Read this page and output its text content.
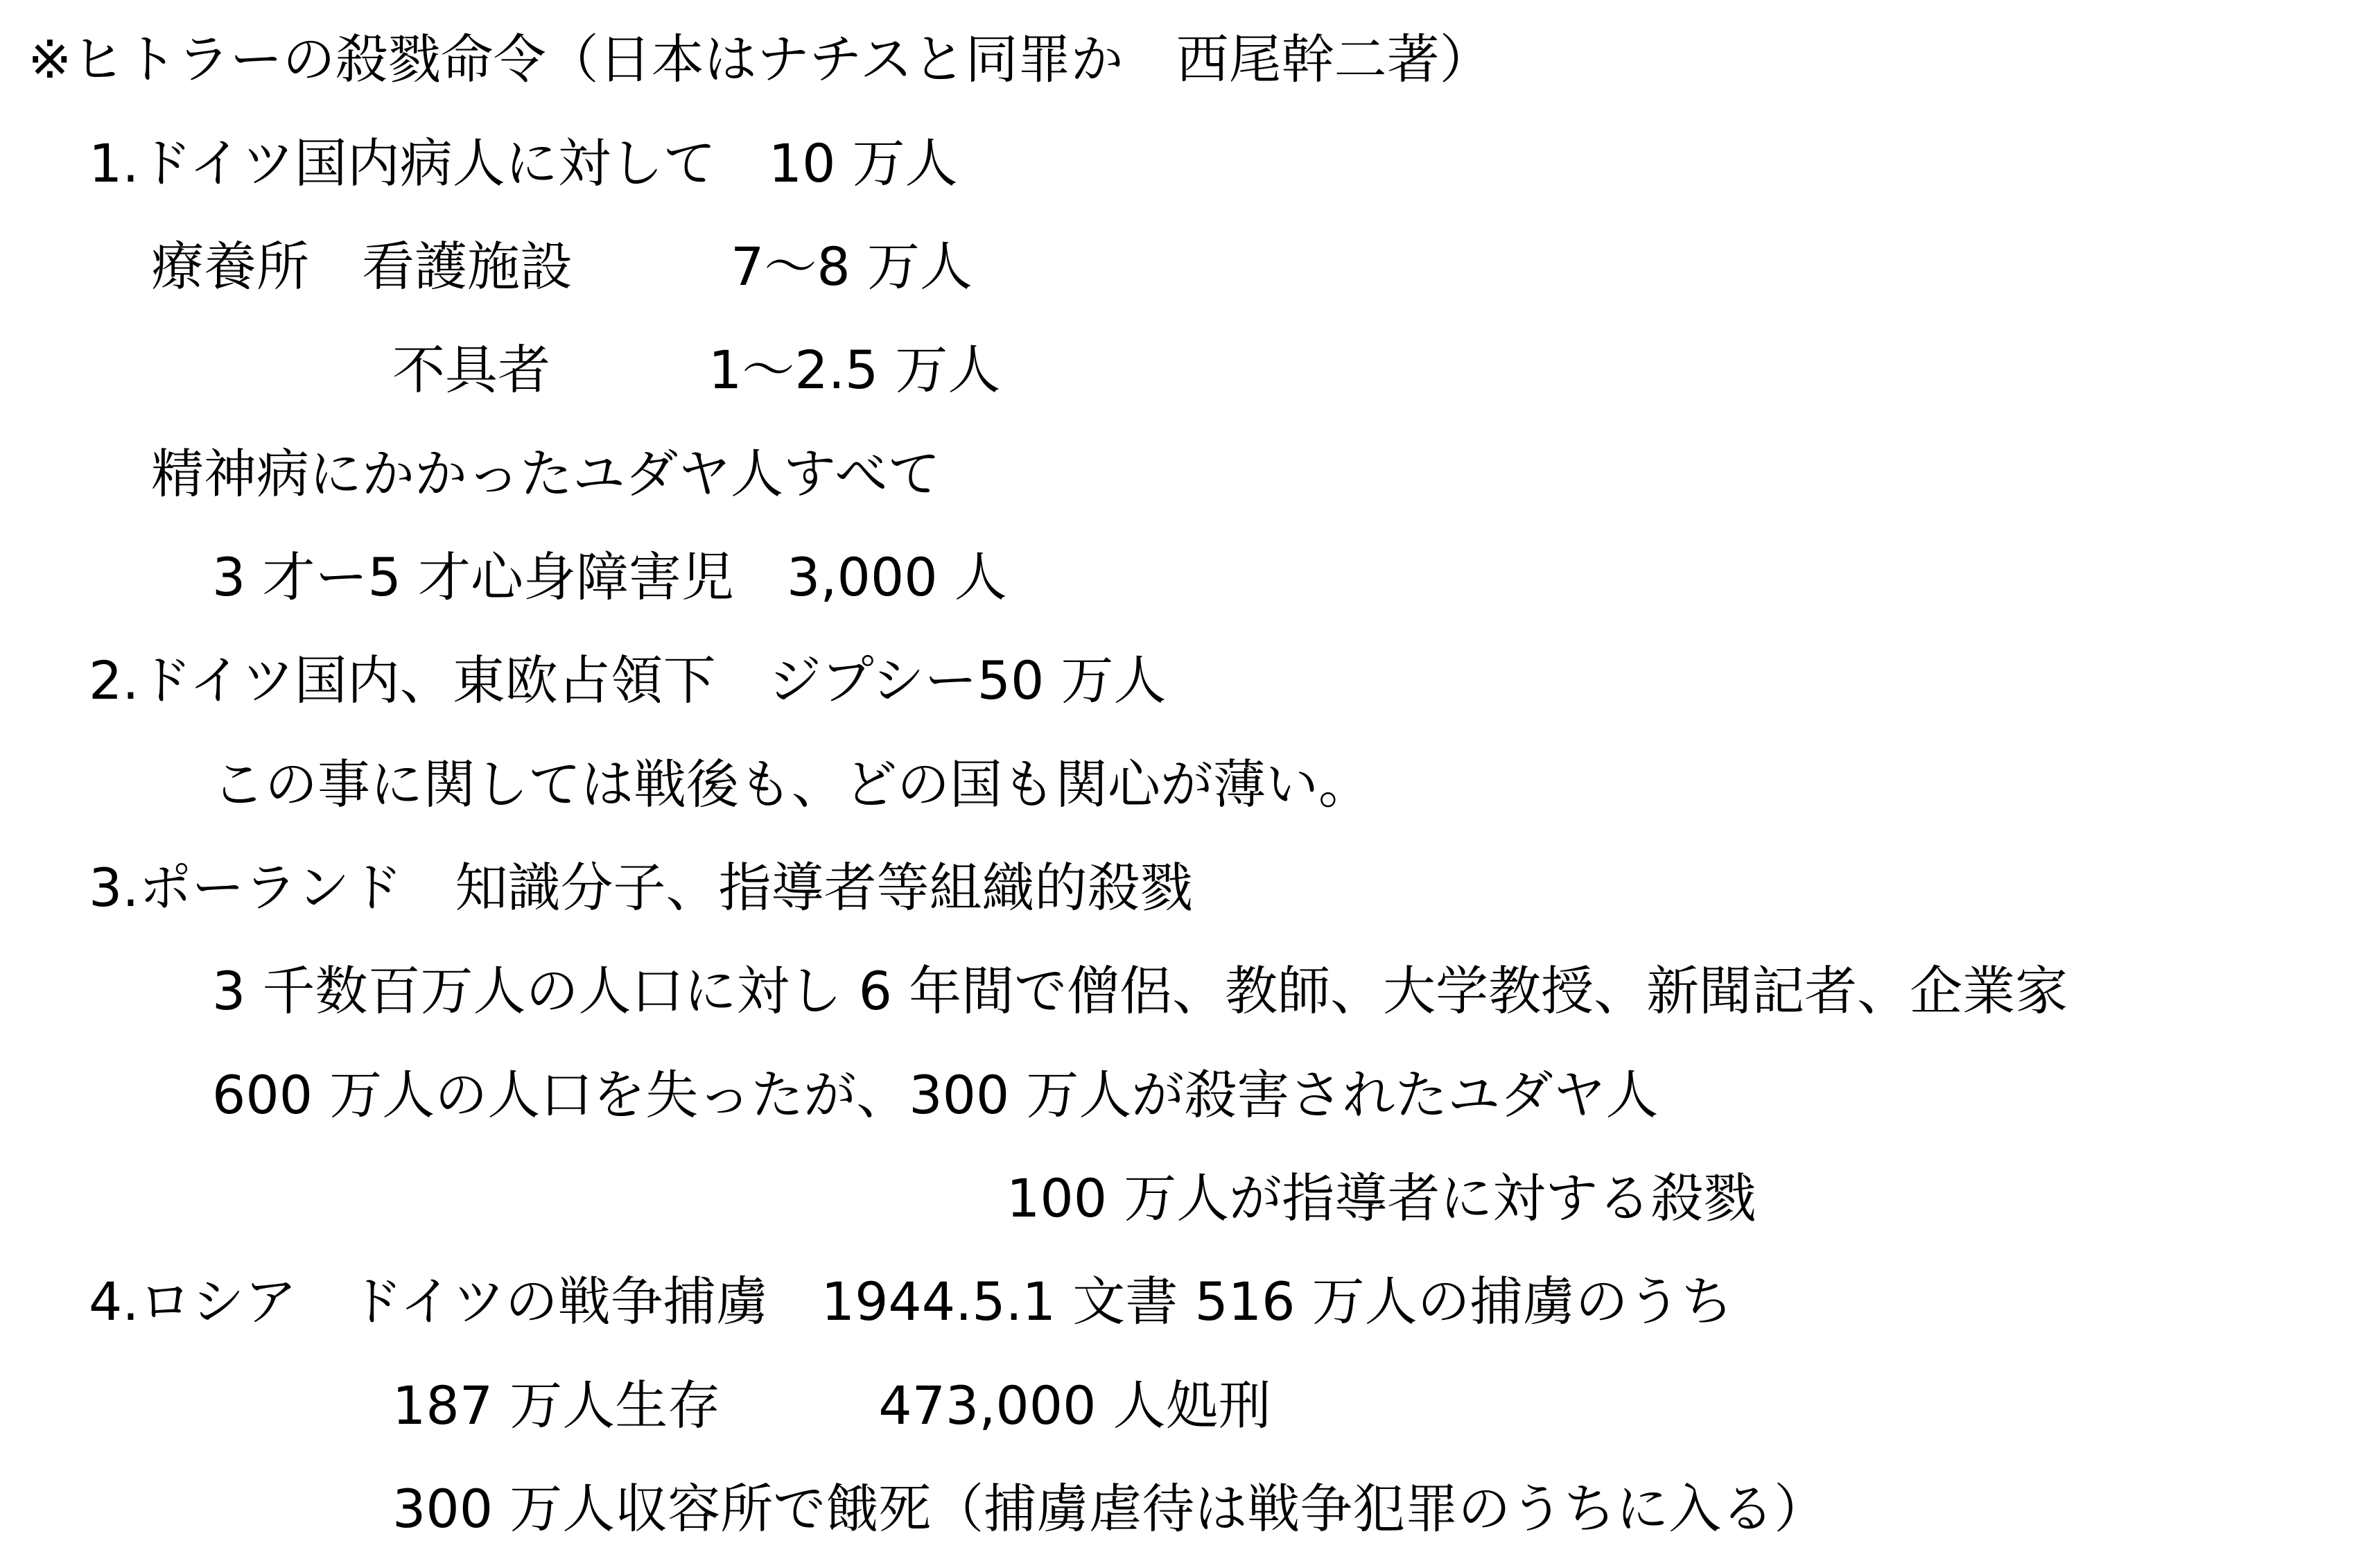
※ヒトラーの殺戮命令（日本はナチスと同罪か　西尾幹二著）
1.ドイツ国内病人に対して　10 万人
療養所　看護施設　　　7～8 万人
不具者　　　1～2.5 万人
精神病にかかったユダヤ人すべて
3 才ー5 才心身障害児　3,000 人
2.ドイツ国内、東欧占領下　ジプシー50 万人
この事に関しては戦後も、どの国も関心が薄い。
3.ポーランド　知識分子、指導者等組織的殺戮
3 千数百万人の人口に対し 6 年間で僧侶、教師、大学教授、新聞記者、企業家
600 万人の人口を失ったが、300 万人が殺害されたユダヤ人
100 万人が指導者に対する殺戮
4.ロシア　ドイツの戦争捕虜　1944.5.1 文書 516 万人の捕虜のうち
187 万人生存　　　473,000 人処刑
300 万人収容所で餓死（捕虜虐待は戦争犯罪のうちに入る）
